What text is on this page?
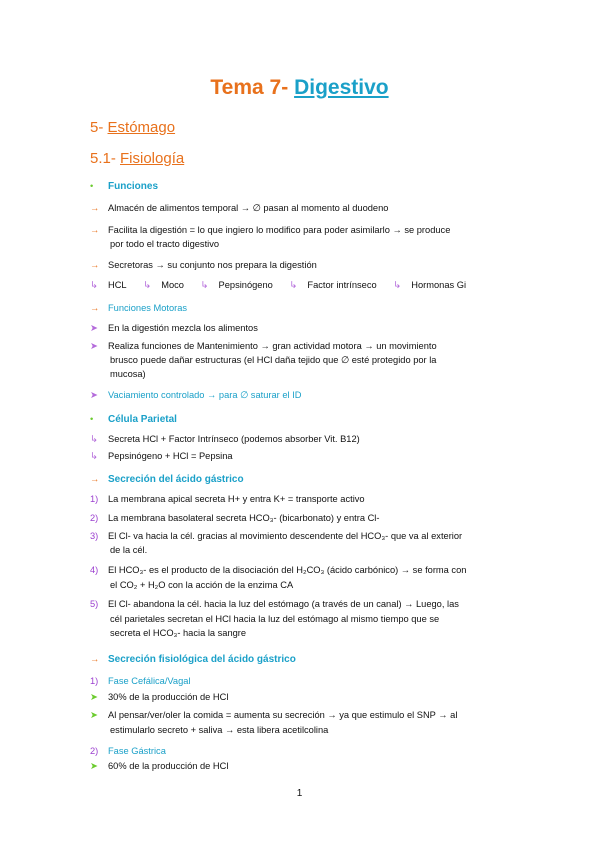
Tema 7- Digestivo
5- Estómago
5.1- Fisiología
• Funciones
→ Almacén de alimentos temporal → ∅ pasan al momento al duodeno
→ Facilita la digestión = lo que ingiero lo modifico para poder asimilarlo → se produce
por todo el tracto digestivo
→ Secretoras → su conjunto nos prepara la digestión
↳ HCL ↳ Moco ↳ Pepsinógeno ↳ Factor intrínseco ↳ Hormonas Gi
→ Funciones Motoras
➤ En la digestión mezcla los alimentos
➤ Realiza funciones de Mantenimiento → gran actividad motora → un movimiento
brusco puede dañar estructuras (el HCl daña tejido que ∅ esté protegido por la
mucosa)
➤ Vaciamiento controlado → para ∅ saturar el ID
• Célula Parietal
↳ Secreta HCl + Factor Intrínseco (podemos absorber Vit. B12)
↳ Pepsinógeno + HCl = Pepsina
→ Secreción del ácido gástrico
1) La membrana apical secreta H+ y entra K+ = transporte activo
2) La membrana basolateral secreta HCO₃- (bicarbonato) y entra Cl-
3) El Cl- va hacia la cél. gracias al movimiento descendente del HCO₃- que va al exterior
de la cél.
4) El HCO₃- es el producto de la disociación del H₂CO₃ (ácido carbónico) → se forma con
el CO₂ + H₂O con la acción de la enzima CA
5) El Cl- abandona la cél. hacia la luz del estómago (a través de un canal) → Luego, las
cél parietales secretan el HCl hacia la luz del estómago al mismo tiempo que se
secreta el HCO₃- hacia la sangre
→ Secreción fisiológica del ácido gástrico
1) Fase Cefálica/Vagal
➤ 30% de la producción de HCl
➤ Al pensar/ver/oler la comida = aumenta su secreción → ya que estimulo el SNP → al
estimularlo secreto + saliva → esta libera acetilcolina
2) Fase Gástrica
➤ 60% de la producción de HCl
1
